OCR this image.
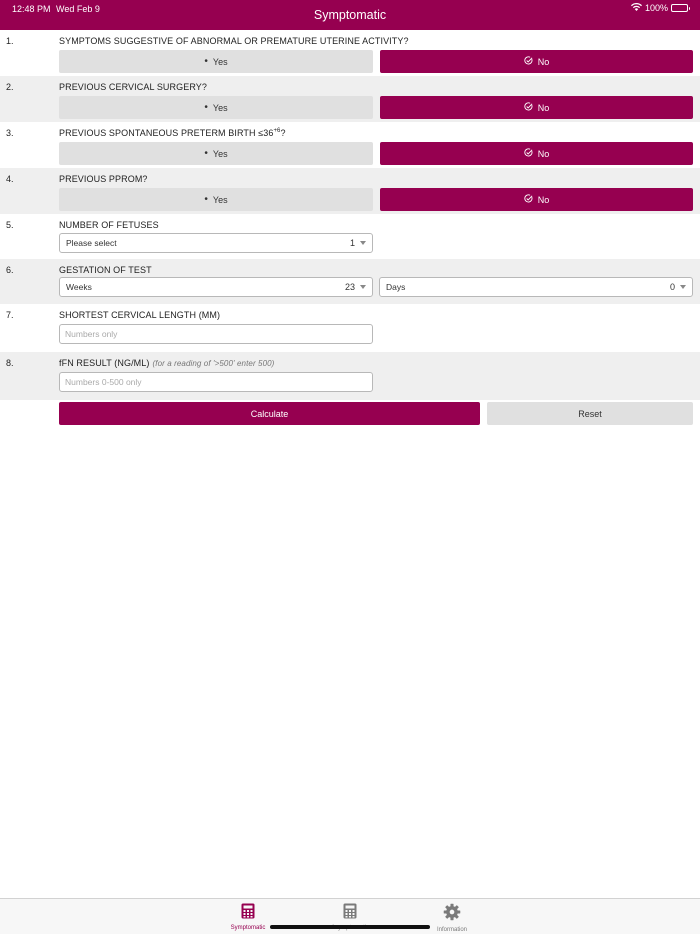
12:48 PM Wed Feb 9	100%
Symptomatic
1.	SYMPTOMS SUGGESTIVE OF ABNORMAL OR PREMATURE UTERINE ACTIVITY?
• Yes	No
2.	PREVIOUS CERVICAL SURGERY?
• Yes	No
3.	PREVIOUS SPONTANEOUS PRETERM BIRTH $\le 36^{+6}$?
• Yes	No
4.	PREVIOUS PPROM?
• Yes	No
5.	NUMBER OF FETUSES
Please select	1
6.	GESTATION OF TEST
Weeks	23	Days	0
7.	SHORTEST CERVICAL LENGTH (MM)
Numbers only
8.	fFN RESULT (NG/ML) (for a reading of '>500' enter 500)
Numbers 0-500 only
Calculate	Reset
Symptomatic	Information
